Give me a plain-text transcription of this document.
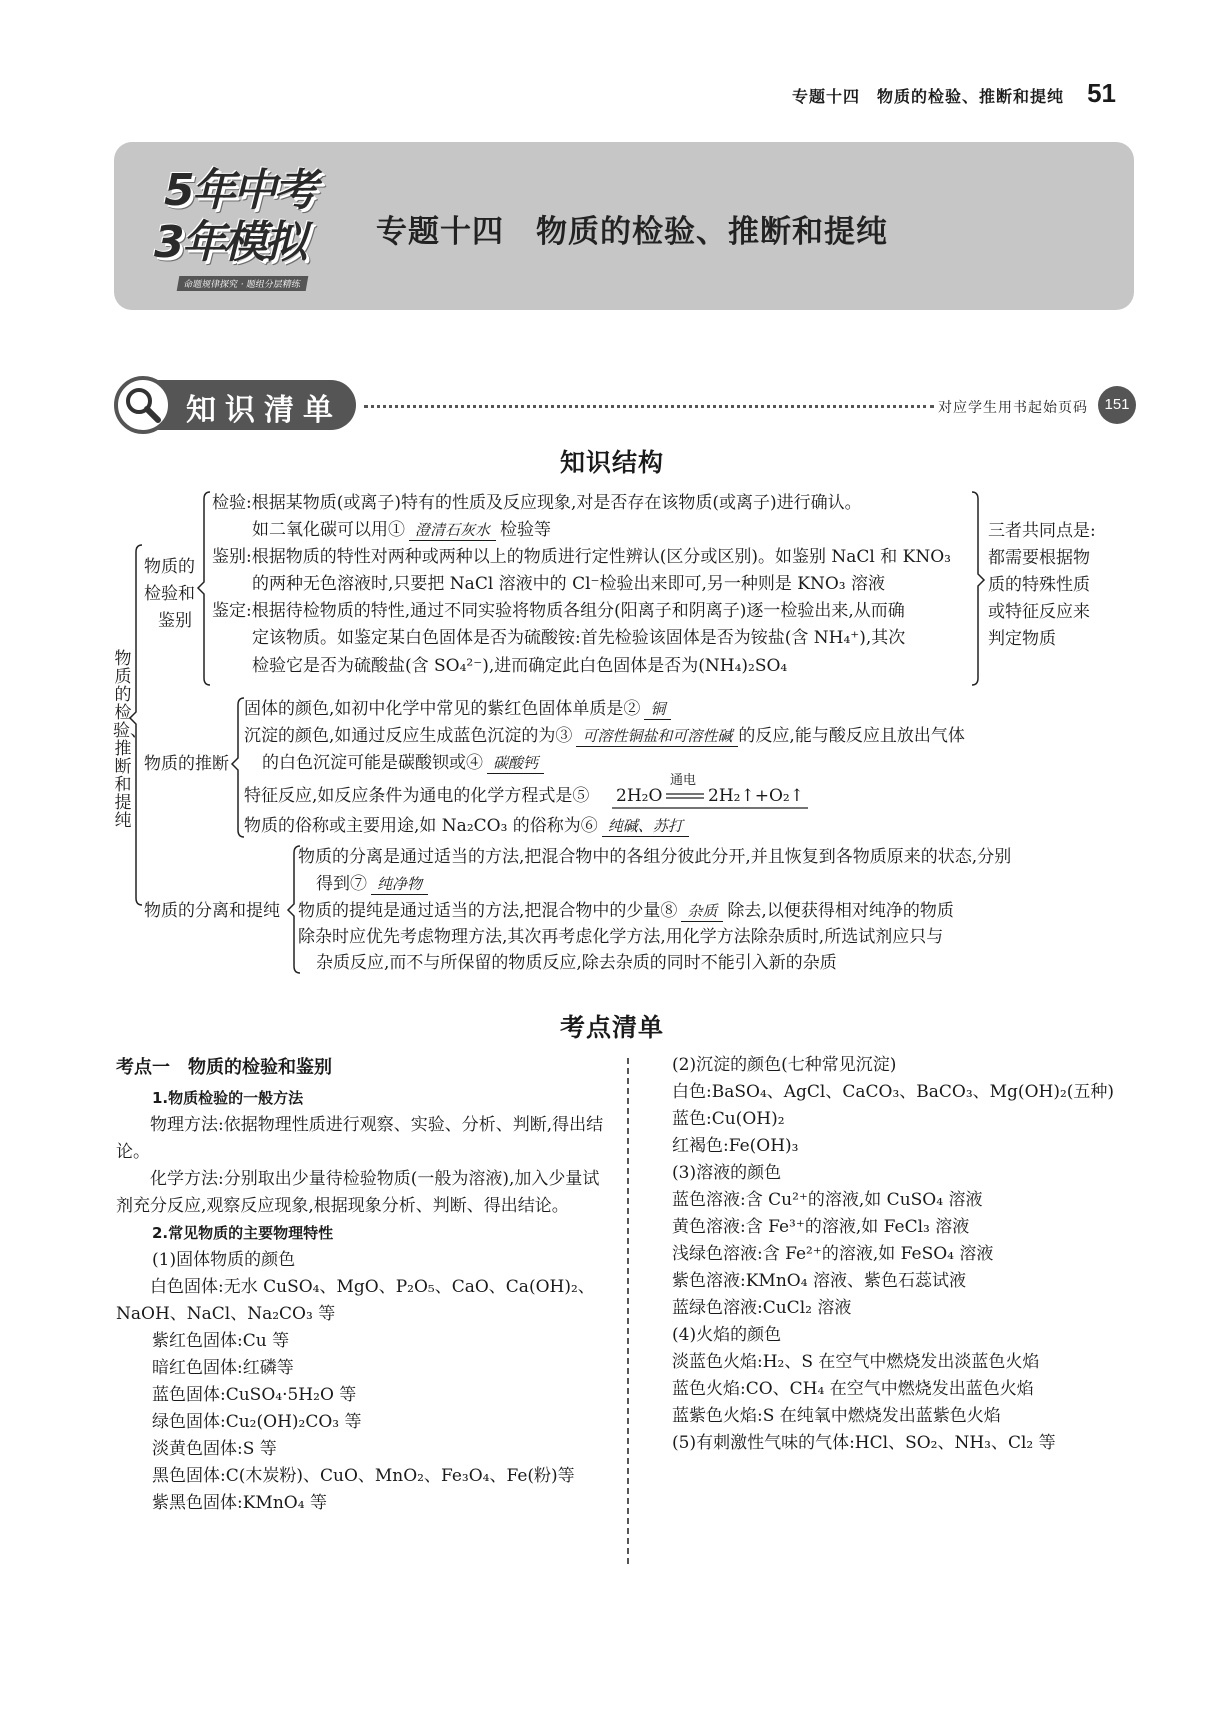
专题十四　物质的检验、推断和提纯 51
5年中考
3年模拟
命题规律探究 · 题组分层精练
专题十四　物质的检验、推断和提纯
知识清单	对应学生用书起始页码	151
知识结构
物质的检验、推断和提纯
物质的
检验和
鉴别
检验:根据某物质(或离子)特有的性质及反应现象,对是否存在该物质(或离子)进行确认。
如二氧化碳可以用① 澄清石灰水 检验等
鉴别:根据物质的特性对两种或两种以上的物质进行定性辨认(区分或区别)。如鉴别 NaCl 和 KNO₃
的两种无色溶液时,只要把 NaCl 溶液中的 Cl⁻检验出来即可,另一种则是 KNO₃ 溶液
鉴定:根据待检物质的特性,通过不同实验将物质各组分(阳离子和阴离子)逐一检验出来,从而确
定该物质。如鉴定某白色固体是否为硫酸铵:首先检验该固体是否为铵盐(含 NH₄⁺),其次
检验它是否为硫酸盐(含 SO₄²⁻),进而确定此白色固体是否为(NH₄)₂SO₄
三者共同点是:
都需要根据物
质的特殊性质
或特征反应来
判定物质
物质的推断
固体的颜色,如初中化学中常见的紫红色固体单质是② 铜
沉淀的颜色,如通过反应生成蓝色沉淀的为③ 可溶性铜盐和可溶性碱 的反应,能与酸反应且放出气体
的白色沉淀可能是碳酸钡或④ 碳酸钙
特征反应,如反应条件为通电的化学方程式是⑤ 2H₂O
通电
2H₂↑+O₂↑
物质的俗称或主要用途,如 Na₂CO₃ 的俗称为⑥ 纯碱、苏打
物质的分离和提纯
物质的分离是通过适当的方法,把混合物中的各组分彼此分开,并且恢复到各物质原来的状态,分别
得到⑦ 纯净物
物质的提纯是通过适当的方法,把混合物中的少量⑧ 杂质 除去,以便获得相对纯净的物质
除杂时应优先考虑物理方法,其次再考虑化学方法,用化学方法除杂质时,所选试剂应只与
杂质反应,而不与所保留的物质反应,除去杂质的同时不能引入新的杂质
考点清单
考点一　物质的检验和鉴别
1.物质检验的一般方法
物理方法:依据物理性质进行观察、实验、分析、判断,得出结论。
化学方法:分别取出少量待检验物质(一般为溶液),加入少量试剂充分反应,观察反应现象,根据现象分析、判断、得出结论。
2.常见物质的主要物理特性
(1)固体物质的颜色
白色固体:无水 CuSO₄、MgO、P₂O₅、CaO、Ca(OH)₂、NaOH、NaCl、Na₂CO₃ 等
紫红色固体:Cu 等
暗红色固体:红磷等
蓝色固体:CuSO₄·5H₂O 等
绿色固体:Cu₂(OH)₂CO₃ 等
淡黄色固体:S 等
黑色固体:C(木炭粉)、CuO、MnO₂、Fe₃O₄、Fe(粉)等
紫黑色固体:KMnO₄ 等
(2)沉淀的颜色(七种常见沉淀)
白色:BaSO₄、AgCl、CaCO₃、BaCO₃、Mg(OH)₂(五种)
蓝色:Cu(OH)₂
红褐色:Fe(OH)₃
(3)溶液的颜色
蓝色溶液:含 Cu²⁺的溶液,如 CuSO₄ 溶液
黄色溶液:含 Fe³⁺的溶液,如 FeCl₃ 溶液
浅绿色溶液:含 Fe²⁺的溶液,如 FeSO₄ 溶液
紫色溶液:KMnO₄ 溶液、紫色石蕊试液
蓝绿色溶液:CuCl₂ 溶液
(4)火焰的颜色
淡蓝色火焰:H₂、S 在空气中燃烧发出淡蓝色火焰
蓝色火焰:CO、CH₄ 在空气中燃烧发出蓝色火焰
蓝紫色火焰:S 在纯氧中燃烧发出蓝紫色火焰
(5)有刺激性气味的气体:HCl、SO₂、NH₃、Cl₂ 等
